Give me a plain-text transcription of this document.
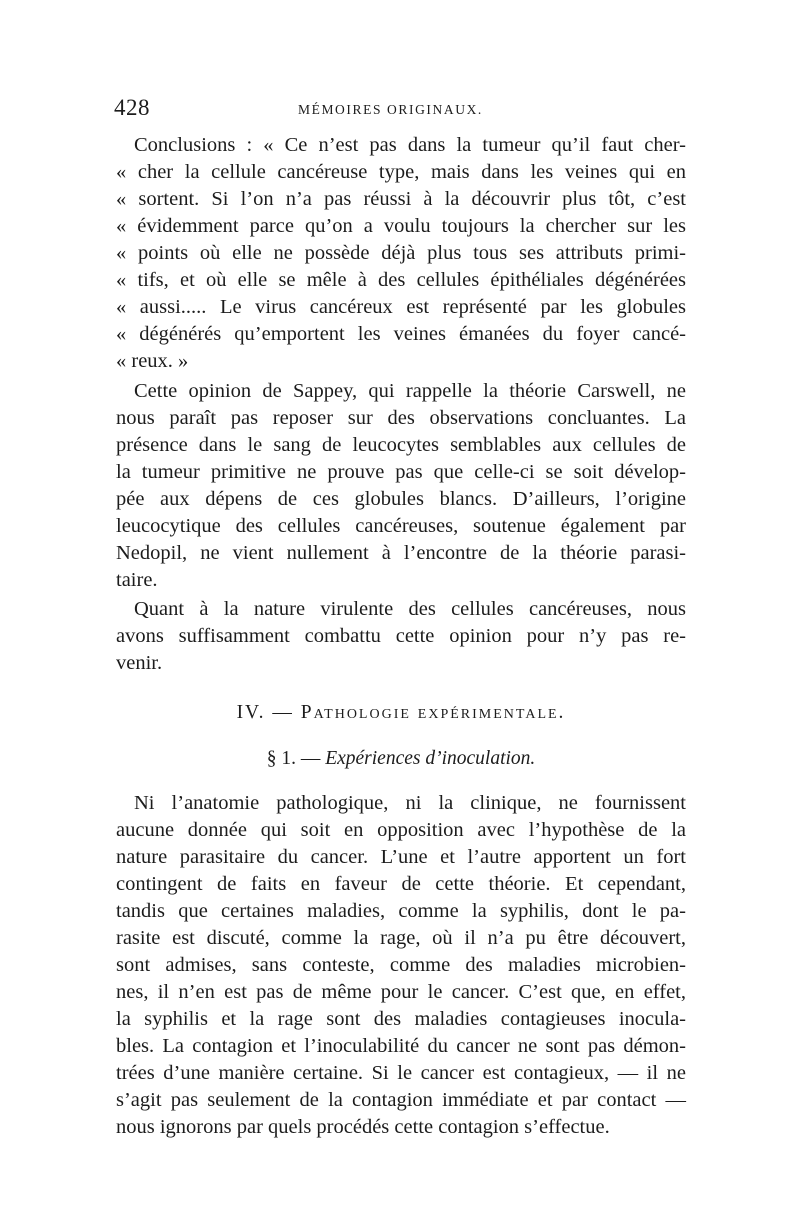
428	MÉMOIRES ORIGINAUX.
Conclusions : « Ce n’est pas dans la tumeur qu’il faut cher-
« cher la cellule cancéreuse type, mais dans les veines qui en
« sortent. Si l’on n’a pas réussi à la découvrir plus tôt, c’est
« évidemment parce qu’on a voulu toujours la chercher sur les
« points où elle ne possède déjà plus tous ses attributs primi-
« tifs, et où elle se mêle à des cellules épithéliales dégénérées
« aussi..... Le virus cancéreux est représenté par les globules
« dégénérés qu’emportent les veines émanées du foyer cancé-
« reux. »
Cette opinion de Sappey, qui rappelle la théorie Carswell, ne
nous paraît pas reposer sur des observations concluantes. La
présence dans le sang de leucocytes semblables aux cellules de
la tumeur primitive ne prouve pas que celle-ci se soit dévelop-
pée aux dépens de ces globules blancs. D’ailleurs, l’origine
leucocytique des cellules cancéreuses, soutenue également par
Nedopil, ne vient nullement à l’encontre de la théorie parasi-
taire.
Quant à la nature virulente des cellules cancéreuses, nous
avons suffisamment combattu cette opinion pour n’y pas re-
venir.
IV. — Pathologie expérimentale.
§ 1. — Expériences d’inoculation.
Ni l’anatomie pathologique, ni la clinique, ne fournissent
aucune donnée qui soit en opposition avec l’hypothèse de la
nature parasitaire du cancer. L’une et l’autre apportent un fort
contingent de faits en faveur de cette théorie. Et cependant,
tandis que certaines maladies, comme la syphilis, dont le pa-
rasite est discuté, comme la rage, où il n’a pu être découvert,
sont admises, sans conteste, comme des maladies microbien-
nes, il n’en est pas de même pour le cancer. C’est que, en effet,
la syphilis et la rage sont des maladies contagieuses inocula-
bles. La contagion et l’inoculabilité du cancer ne sont pas démon-
trées d’une manière certaine. Si le cancer est contagieux, — il ne
s’agit pas seulement de la contagion immédiate et par contact —
nous ignorons par quels procédés cette contagion s’effectue.
